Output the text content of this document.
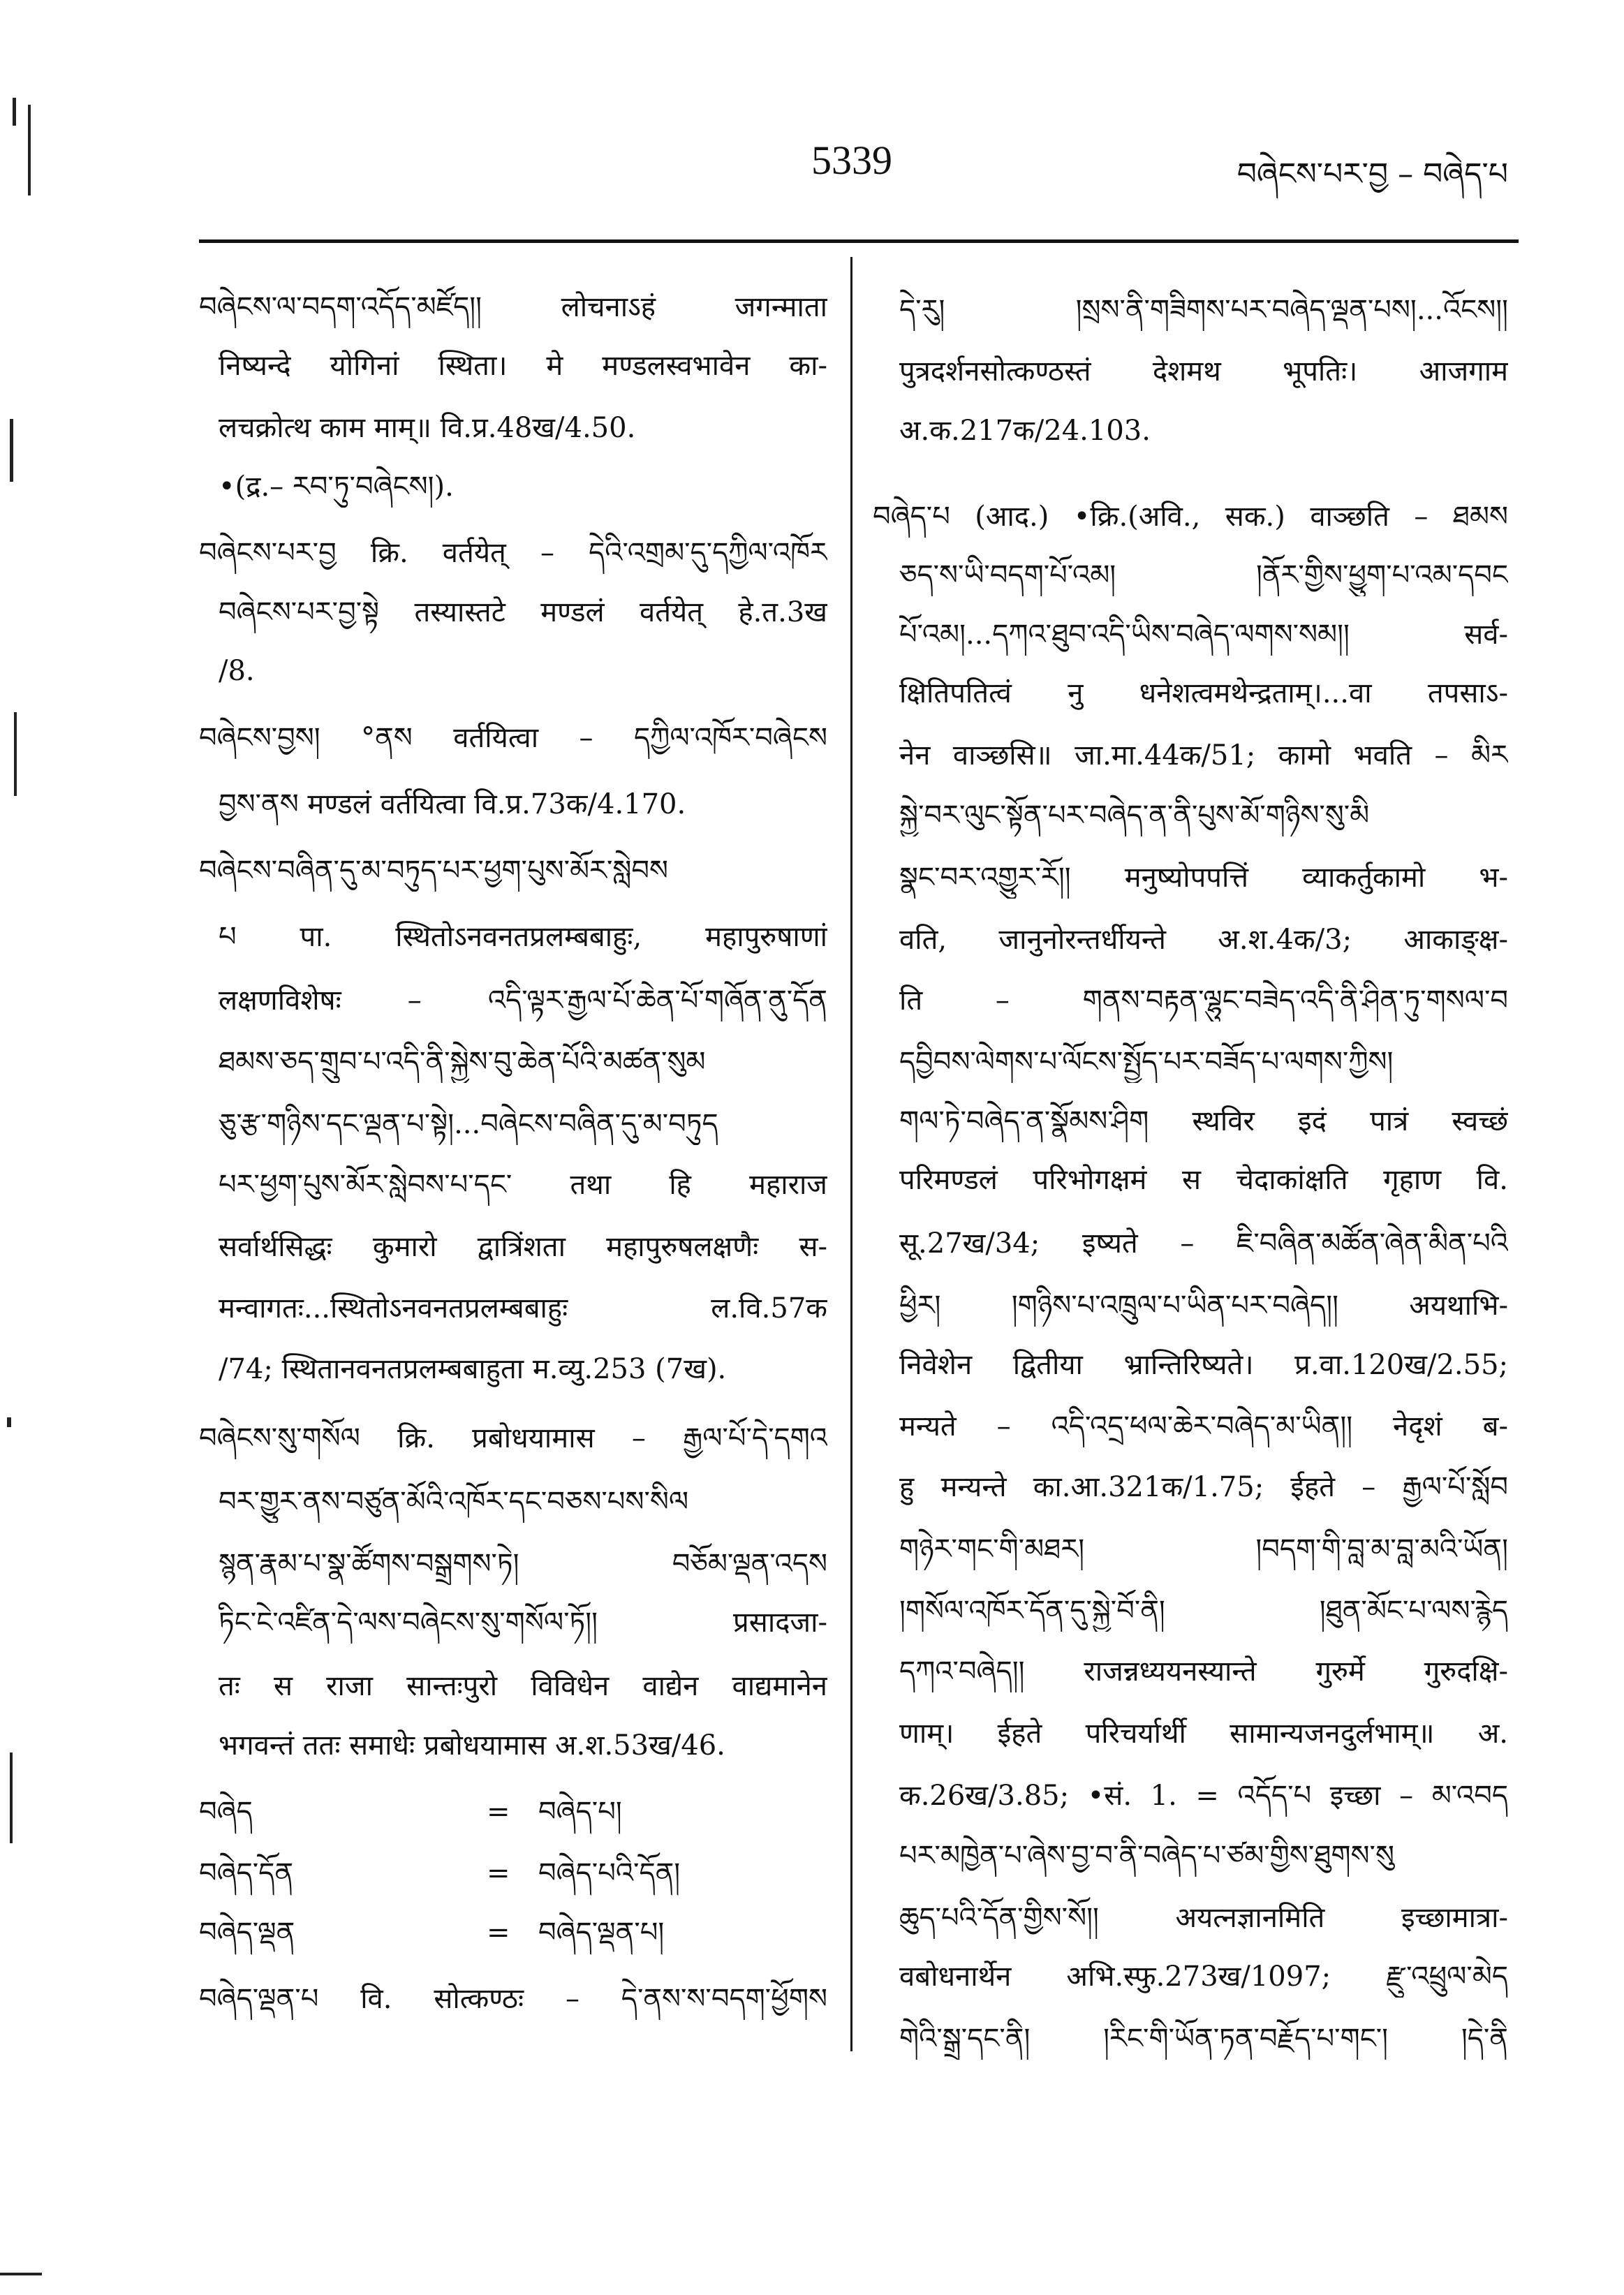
5339	བཞེངས་པར་བྱ – བཞེད་པ
བཞེངས་ལ་བདག་འདོད་མཛོད།། लोचनाऽहं जगन्माता
निष्यन्दे योगिनां स्थिता। मे मण्डलस्वभावेन का-
लचक्रोत्थ काम माम्॥ वि.प्र.48ख/4.50.
•(द्र.– རབ་ཏུ་བཞེངས།).
བཞེངས་པར་བྱ क्रि. वर्तयेत् – དེའི་འགྲམ་དུ་དཀྱིལ་འཁོར
བཞེངས་པར་བྱ་སྟེ तस्यास्तटे मण्डलं वर्तयेत् हे.त.3ख
/8.
བཞེངས་བྱས། °ནས वर्तयित्वा – དཀྱིལ་འཁོར་བཞེངས
བྱས་ནས मण्डलं वर्तयित्वा वि.प्र.73क/4.170.
བཞེངས་བཞིན་དུ་མ་བཏུད་པར་ཕྱག་པུས་མོར་སླེབས
པ पा. स्थितोऽनवनतप्रलम्बबाहुः, महापुरुषाणां
लक्षणविशेषः – འདི་ལྟར་རྒྱལ་པོ་ཆེན་པོ་གཞོན་ནུ་དོན
ཐམས་ཅད་གྲུབ་པ་འདི་ནི་སྐྱེས་བུ་ཆེན་པོའི་མཚན་སུམ
ཅུ་རྩ་གཉིས་དང་ལྡན་པ་སྟེ།...བཞེངས་བཞིན་དུ་མ་བཏུད
པར་ཕྱག་པུས་མོར་སླེབས་པ་དང་ तथा हि महाराज
सर्वार्थसिद्धः कुमारो द्वात्रिंशता महापुरुषलक्षणैः स-
मन्वागतः...स्थितोऽनवनतप्रलम्बबाहुः ल.वि.57क
/74; स्थितानवनतप्रलम्बबाहुता म.व्यु.253 (7ख).
བཞེངས་སུ་གསོལ क्रि. प्रबोधयामास – རྒྱལ་པོ་དེ་དགའ
བར་གྱུར་ནས་བཙུན་མོའི་འཁོར་དང་བཅས་པས་སིལ
སྙན་རྣམ་པ་སྣ་ཚོགས་བསྒྲགས་ཏེ། བཅོམ་ལྡན་འདས
ཏིང་ངེ་འཛིན་དེ་ལས་བཞེངས་སུ་གསོལ་ཏོ།། प्रसादजा-
तः स राजा सान्तःपुरो विविधेन वाद्येन वाद्यमानेन
भगवन्तं ततः समाधेः प्रबोधयामास अ.श.53ख/46.
བཞེད	= བཞེད་པ།
བཞེད་དོན	= བཞེད་པའི་དོན།
བཞེད་ལྡན	= བཞེད་ལྡན་པ།
བཞེད་ལྡན་པ वि. सोत्कण्ठः – དེ་ནས་ས་བདག་ཕྱོགས
དེ་རུ། །སྲས་ནི་གཟིགས་པར་བཞེད་ལྡན་པས།...འོངས།།
पुत्रदर्शनसोत्कण्ठस्तं देशमथ भूपतिः। आजगाम
अ.क.217क/24.103.
བཞེད་པ (आद.) •क्रि.(अवि., सक.) वाञ्छति – ཐམས
ཅད་ས་ཡི་བདག་པོ་འམ། །ནོར་གྱིས་ཕྱུག་པ་འམ་དབང
པོ་འམ།...དཀའ་ཐུབ་འདི་ཡིས་བཞེད་ལགས་སམ།། सर्व-
क्षितिपतित्वं नु धनेशत्वमथेन्द्रताम्।...वा तपसाऽ-
नेन वाञ्छसि॥ जा.मा.44क/51; कामो भवति – མིར
སྐྱེ་བར་ལུང་སྟོན་པར་བཞེད་ན་ནི་པུས་མོ་གཉིས་སུ་མི
སྣང་བར་འགྱུར་རོ།། मनुष्योपपत्तिं व्याकर्तुकामो भ-
वति, जानुनोरन्तर्धीयन्ते अ.श.4क/3; आकाङ्क्ष-
ति – གནས་བརྟན་ལྷུང་བཟེད་འདི་ནི་ཤིན་ཏུ་གསལ་བ
དབྱིབས་ལེགས་པ་ལོངས་སྤྱོད་པར་བཟོད་པ་ལགས་ཀྱིས།
གལ་ཏེ་བཞེད་ན་སྣོམས་ཤིག स्थविर इदं पात्रं स्वच्छं
परिमण्डलं परिभोगक्षमं स चेदाकांक्षति गृहाण वि.
सू.27ख/34; इष्यते – ཇི་བཞིན་མཚོན་ཞེན་མིན་པའི
ཕྱིར། །གཉིས་པ་འཁྲུལ་པ་ཡིན་པར་བཞེད།། अयथाभि-
निवेशेन द्वितीया भ्रान्तिरिष्यते। प्र.वा.120ख/2.55;
मन्यते – འདི་འདྲ་ཕལ་ཆེར་བཞེད་མ་ཡིན།། नेदृशं ब-
हु मन्यन्ते का.आ.321क/1.75; ईहते – རྒྱལ་པོ་སློབ
གཉེར་གང་གི་མཐར། །བདག་གི་བླ་མ་བླ་མའི་ཡོན།
།གསོལ་འཁོར་དོན་དུ་སྐྱེ་བོ་ནི། །ཐུན་མོང་པ་ལས་རྙེད
དཀའ་བཞེད།། राजन्नध्ययनस्यान्ते गुरुर्मे गुरुदक्षि-
णाम्। ईहते परिचर्यार्थी सामान्यजनदुर्लभाम्॥ अ.
क.26ख/3.85; •सं. 1. = འདོད་པ इच्छा – མ་འབད
པར་མཁྱེན་པ་ཞེས་བྱ་བ་ནི་བཞེད་པ་ཙམ་གྱིས་ཐུགས་སུ
ཆུད་པའི་དོན་གྱིས་སོ།། अयत्नज्ञानमिति इच्छामात्रा-
वबोधनार्थेन अभि.स्फु.273ख/1097; རྫུ་འཕྲུལ་མེད
གེའི་སྒྲ་དང་ནི། །རིང་གི་ཡོན་ཏན་བརྗོད་པ་གང་། །དེ་ནི
